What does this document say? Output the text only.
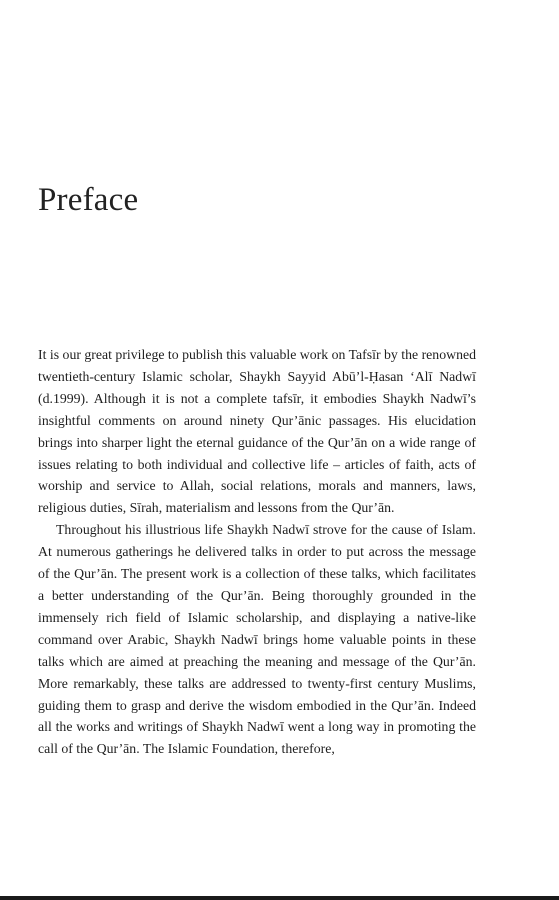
Preface

It is our great privilege to publish this valuable work on Tafsīr by the renowned twentieth-century Islamic scholar, Shaykh Sayyid Abū’l-Ḥasan ‘Alī Nadwī (d.1999). Although it is not a complete tafsīr, it embodies Shaykh Nadwī’s insightful comments on around ninety Qur’ānic passages. His elucidation brings into sharper light the eternal guidance of the Qur’ān on a wide range of issues relating to both individual and collective life – articles of faith, acts of worship and service to Allah, social relations, morals and manners, laws, religious duties, Sīrah, materialism and lessons from the Qur’ān.

Throughout his illustrious life Shaykh Nadwī strove for the cause of Islam. At numerous gatherings he delivered talks in order to put across the message of the Qur’ān. The present work is a collection of these talks, which facilitates a better understanding of the Qur’ān. Being thoroughly grounded in the immensely rich field of Islamic scholarship, and displaying a native-like command over Arabic, Shaykh Nadwī brings home valuable points in these talks which are aimed at preaching the meaning and message of the Qur’ān. More remarkably, these talks are addressed to twenty-first century Muslims, guiding them to grasp and derive the wisdom embodied in the Qur’ān. Indeed all the works and writings of Shaykh Nadwī went a long way in promoting the call of the Qur’ān. The Islamic Foundation, therefore,
